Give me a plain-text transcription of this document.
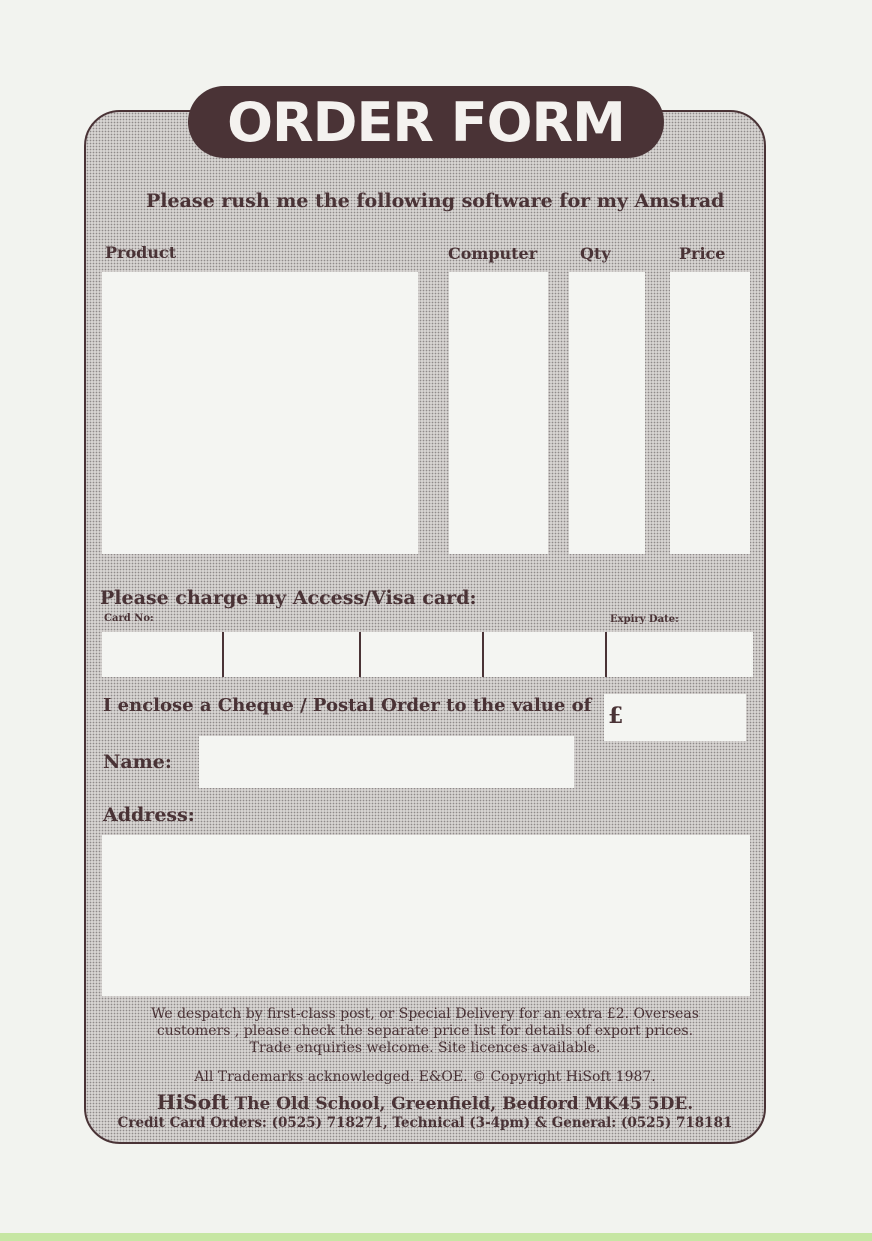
ORDER FORM
Please rush me the following software for my Amstrad
Product	Computer	Qty	Price
Please charge my Access/Visa card:
Card No:	Expiry Date:
I enclose a Cheque / Postal Order to the value of £
Name:
Address:
We despatch by first-class post, or Special Delivery for an extra £2. Overseas
customers , please check the separate price list for details of export prices.
Trade enquiries welcome. Site licences available.
All Trademarks acknowledged. E&OE. © Copyright HiSoft 1987.
HiSoft The Old School, Greenfield, Bedford MK45 5DE.
Credit Card Orders: (0525) 718271, Technical (3-4pm) & General: (0525) 718181
